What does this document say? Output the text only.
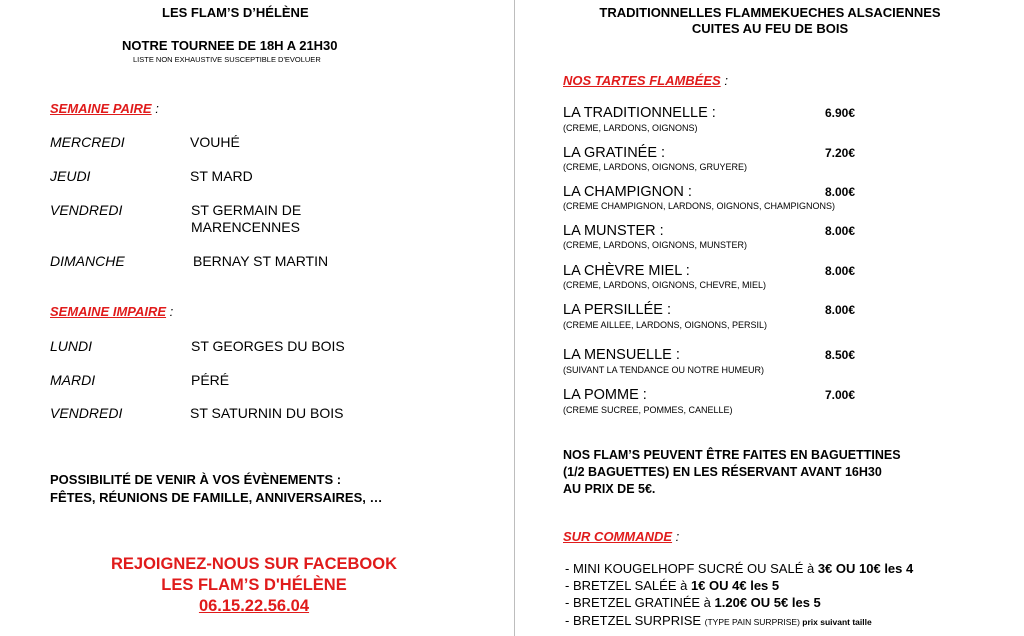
LES FLAM’S D’HÉLÈNE
NOTRE TOURNEE DE 18H A 21H30
LISTE NON EXHAUSTIVE SUSCEPTIBLE D'EVOLUER
SEMAINE PAIRE :
MERCREDI	VOUHÉ
JEUDI	ST MARD
VENDREDI	ST GERMAIN DE
MARENCENNES
DIMANCHE	BERNAY ST MARTIN
SEMAINE IMPAIRE :
LUNDI	ST GEORGES DU BOIS
MARDI	PÉRÉ
VENDREDI	ST SATURNIN DU BOIS
POSSIBILITÉ DE VENIR À VOS ÉVÈNEMENTS :
FÊTES, RÉUNIONS DE FAMILLE, ANNIVERSAIRES, …
REJOIGNEZ-NOUS SUR FACEBOOK
LES FLAM’S D'HÉLÈNE
06.15.22.56.04
TRADITIONNELLES FLAMMEKUECHES ALSACIENNES
CUITES AU FEU DE BOIS
NOS TARTES FLAMBÉES :
LA TRADITIONNELLE :
(CREME, LARDONS, OIGNONS)
6.90€
LA GRATINÉE :
(CREME, LARDONS, OIGNONS, GRUYERE)
7.20€
LA CHAMPIGNON :
(CREME CHAMPIGNON, LARDONS, OIGNONS, CHAMPIGNONS)
8.00€
LA MUNSTER :
(CREME, LARDONS, OIGNONS, MUNSTER)
8.00€
LA CHÈVRE MIEL :
(CREME, LARDONS, OIGNONS, CHEVRE, MIEL)
8.00€
LA PERSILLÉE :
(CREME AILLEE, LARDONS, OIGNONS, PERSIL)
8.00€
LA MENSUELLE :
(SUIVANT LA TENDANCE OU NOTRE HUMEUR)
8.50€
LA POMME :
(CREME SUCREE, POMMES, CANELLE)
7.00€
NOS FLAM’S PEUVENT ÊTRE FAITES EN BAGUETTINES
(1/2 BAGUETTES) EN LES RÉSERVANT AVANT 16H30
AU PRIX DE 5€.
SUR COMMANDE :
- MINI KOUGELHOPF SUCRÉ OU SALÉ à 3€ OU 10€ les 4
- BRETZEL SALÉE à 1€ OU 4€ les 5
- BRETZEL GRATINÉE à 1.20€ OU 5€ les 5
- BRETZEL SURPRISE (TYPE PAIN SURPRISE) prix suivant taille
